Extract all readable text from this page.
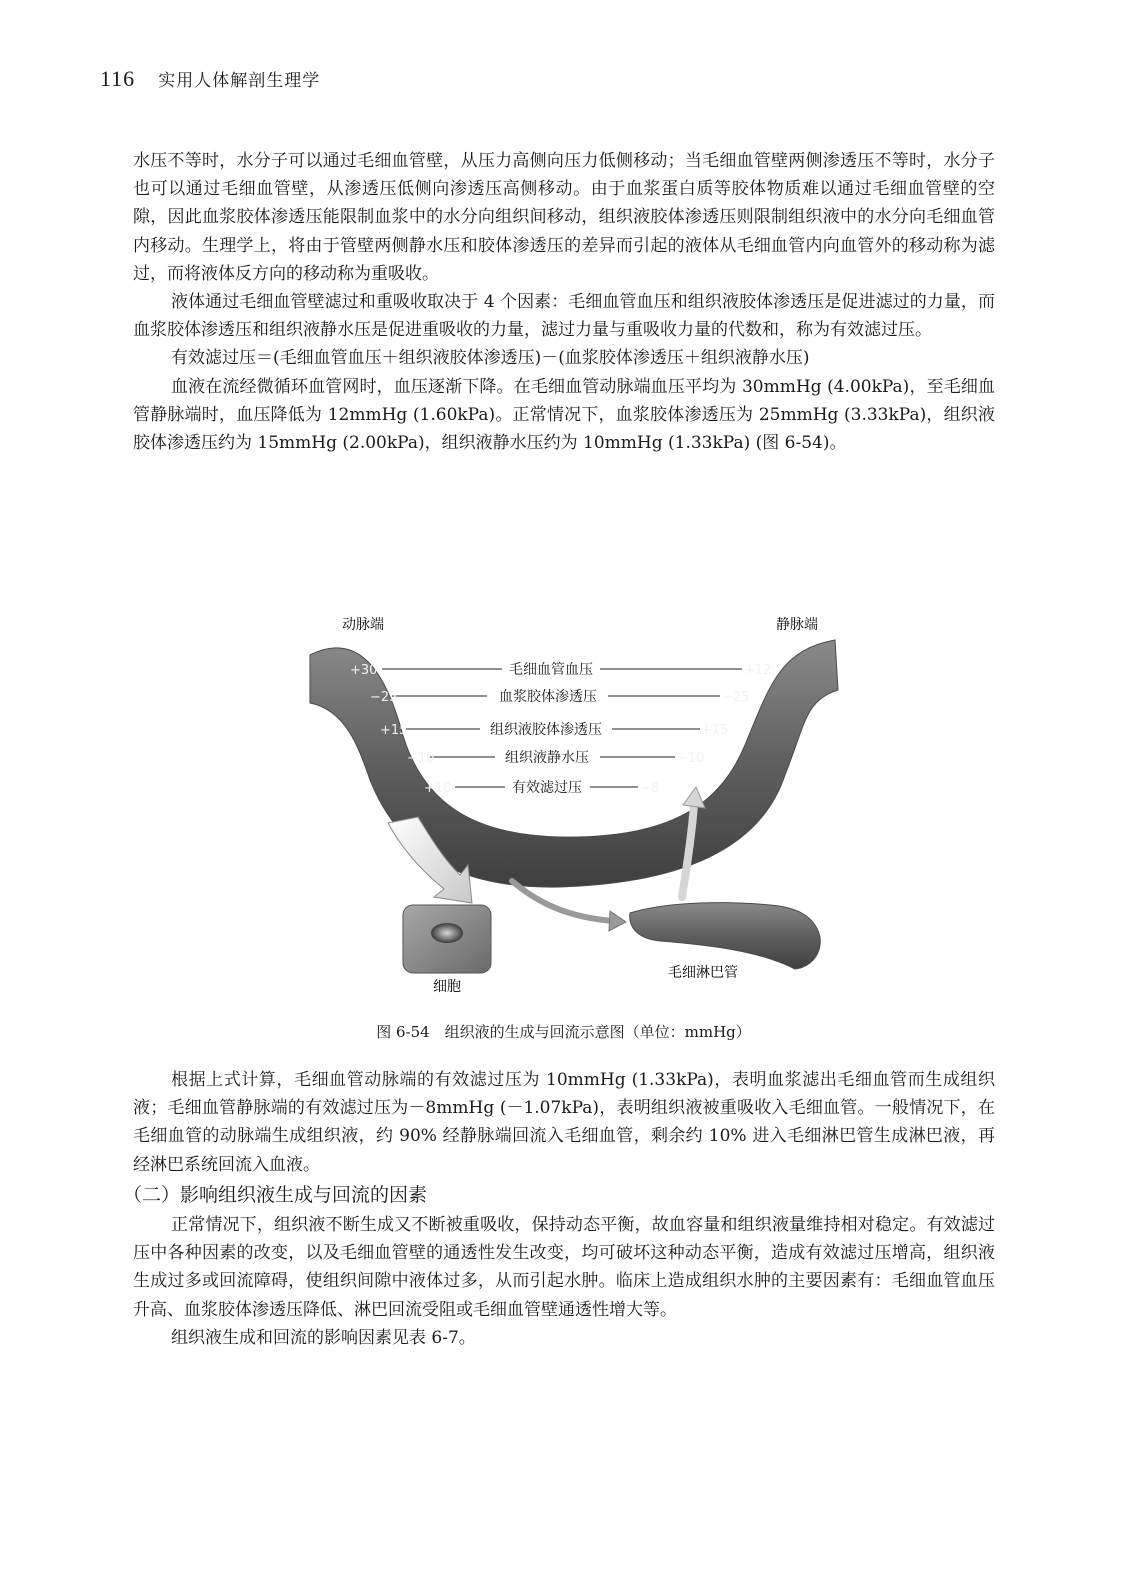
116 实用人体解剖生理学

水压不等时，水分子可以通过毛细血管壁，从压力高侧向压力低侧移动；当毛细血管壁两侧渗透压不等时，水分子也可以通过毛细血管壁，从渗透压低侧向渗透压高侧移动。由于血浆蛋白质等胶体物质难以通过毛细血管壁的空隙，因此血浆胶体渗透压能限制血浆中的水分向组织间移动，组织液胶体渗透压则限制组织液中的水分向毛细血管内移动。生理学上，将由于管壁两侧静水压和胶体渗透压的差异而引起的液体从毛细血管内向血管外的移动称为滤过，而将液体反方向的移动称为重吸收。

液体通过毛细血管壁滤过和重吸收取决于 4 个因素：毛细血管血压和组织液胶体渗透压是促进滤过的力量，而血浆胶体渗透压和组织液静水压是促进重吸收的力量，滤过力量与重吸收力量的代数和，称为有效滤过压。

有效滤过压＝(毛细血管血压＋组织液胶体渗透压)－(血浆胶体渗透压＋组织液静水压)

血液在流经微循环血管网时，血压逐渐下降。在毛细血管动脉端血压平均为 30mmHg (4.00kPa)，至毛细血管静脉端时，血压降低为 12mmHg (1.60kPa)。正常情况下，血浆胶体渗透压为 25mmHg (3.33kPa)，组织液胶体渗透压约为 15mmHg (2.00kPa)，组织液静水压约为 10mmHg (1.33kPa) (图 6-54)。

动脉端	静脉端
毛细血管血压
血浆胶体渗透压
组织液胶体渗透压
组织液静水压
有效滤过压
+30
−25
+15
−10
+10
+12
−25
+15
−10
−8
细胞
毛细淋巴管
图 6-54　组织液的生成与回流示意图（单位：mmHg）

根据上式计算，毛细血管动脉端的有效滤过压为 10mmHg (1.33kPa)，表明血浆滤出毛细血管而生成组织液；毛细血管静脉端的有效滤过压为－8mmHg (－1.07kPa)，表明组织液被重吸收入毛细血管。一般情况下，在毛细血管的动脉端生成组织液，约 90% 经静脉端回流入毛细血管，剩余约 10% 进入毛细淋巴管生成淋巴液，再经淋巴系统回流入血液。

（二）影响组织液生成与回流的因素

正常情况下，组织液不断生成又不断被重吸收，保持动态平衡，故血容量和组织液量维持相对稳定。有效滤过压中各种因素的改变，以及毛细血管壁的通透性发生改变，均可破坏这种动态平衡，造成有效滤过压增高，组织液生成过多或回流障碍，使组织间隙中液体过多，从而引起水肿。临床上造成组织水肿的主要因素有：毛细血管血压升高、血浆胶体渗透压降低、淋巴回流受阻或毛细血管壁通透性增大等。

组织液生成和回流的影响因素见表 6-7。
